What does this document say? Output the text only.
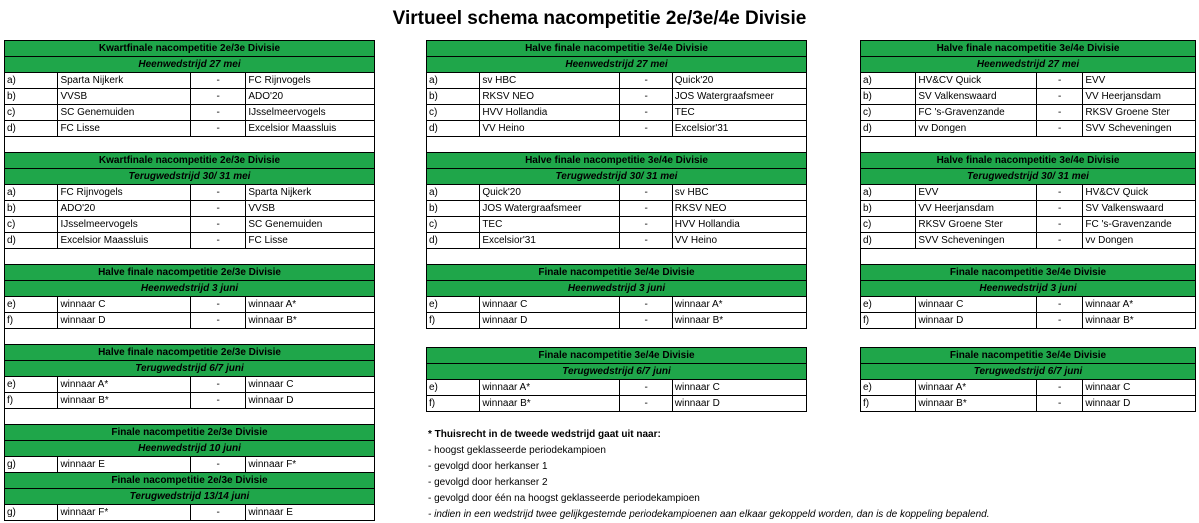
Virtueel schema nacompetitie 2e/3e/4e Divisie
Kwartfinale nacompetitie 2e/3e Divisie
Heenwedstrijd 27 mei
a)	Sparta Nijkerk	-	FC Rijnvogels
b)	VVSB	-	ADO'20
c)	SC Genemuiden	-	IJsselmeervogels
d)	FC Lisse	-	Excelsior Maassluis
Kwartfinale nacompetitie 2e/3e Divisie
Terugwedstrijd 30/ 31 mei
a)	FC Rijnvogels	-	Sparta Nijkerk
b)	ADO'20	-	VVSB
c)	IJsselmeervogels	-	SC Genemuiden
d)	Excelsior Maassluis	-	FC Lisse
Halve finale nacompetitie 2e/3e Divisie
Heenwedstrijd 3 juni
e)	winnaar C	-	winnaar A*
f)	winnaar D	-	winnaar B*
Halve finale nacompetitie 2e/3e Divisie
Terugwedstrijd 6/7 juni
e)	winnaar A*	-	winnaar C
f)	winnaar B*	-	winnaar D
Finale nacompetitie 2e/3e Divisie
Heenwedstrijd 10 juni
g)	winnaar E	-	winnaar F*
Finale nacompetitie 2e/3e Divisie
Terugwedstrijd 13/14 juni
g)	winnaar F*	-	winnaar E
Halve finale nacompetitie 3e/4e Divisie
Heenwedstrijd 27 mei
a)	sv HBC	-	Quick'20
b)	RKSV NEO	-	JOS Watergraafsmeer
c)	HVV Hollandia	-	TEC
d)	VV Heino	-	Excelsior'31
Halve finale nacompetitie 3e/4e Divisie
Terugwedstrijd 30/ 31 mei
a)	Quick'20	-	sv HBC
b)	JOS Watergraafsmeer	-	RKSV NEO
c)	TEC	-	HVV Hollandia
d)	Excelsior'31	-	VV Heino
Finale nacompetitie 3e/4e Divisie
Heenwedstrijd 3 juni
e)	winnaar C	-	winnaar A*
f)	winnaar D	-	winnaar B*
Finale nacompetitie 3e/4e Divisie
Terugwedstrijd 6/7 juni
e)	winnaar A*	-	winnaar C
f)	winnaar B*	-	winnaar D
Halve finale nacompetitie 3e/4e Divisie
Heenwedstrijd 27 mei
a)	HV&CV Quick	-	EVV
b)	SV Valkenswaard	-	VV Heerjansdam
c)	FC 's-Gravenzande	-	RKSV Groene Ster
d)	vv Dongen	-	SVV Scheveningen
Halve finale nacompetitie 3e/4e Divisie
Terugwedstrijd 30/ 31 mei
a)	EVV	-	HV&CV Quick
b)	VV Heerjansdam	-	SV Valkenswaard
c)	RKSV Groene Ster	-	FC 's-Gravenzande
d)	SVV Scheveningen	-	vv Dongen
Finale nacompetitie 3e/4e Divisie
Heenwedstrijd 3 juni
e)	winnaar C	-	winnaar A*
f)	winnaar D	-	winnaar B*
Finale nacompetitie 3e/4e Divisie
Terugwedstrijd 6/7 juni
e)	winnaar A*	-	winnaar C
f)	winnaar B*	-	winnaar D
* Thuisrecht in de tweede wedstrijd gaat uit naar:
- hoogst geklasseerde periodekampioen
- gevolgd door herkanser 1
- gevolgd door herkanser 2
- gevolgd door één na hoogst geklasseerde periodekampioen
- indien in een wedstrijd twee gelijkgestemde periodekampioenen aan elkaar gekoppeld worden, dan is de koppeling bepalend.
